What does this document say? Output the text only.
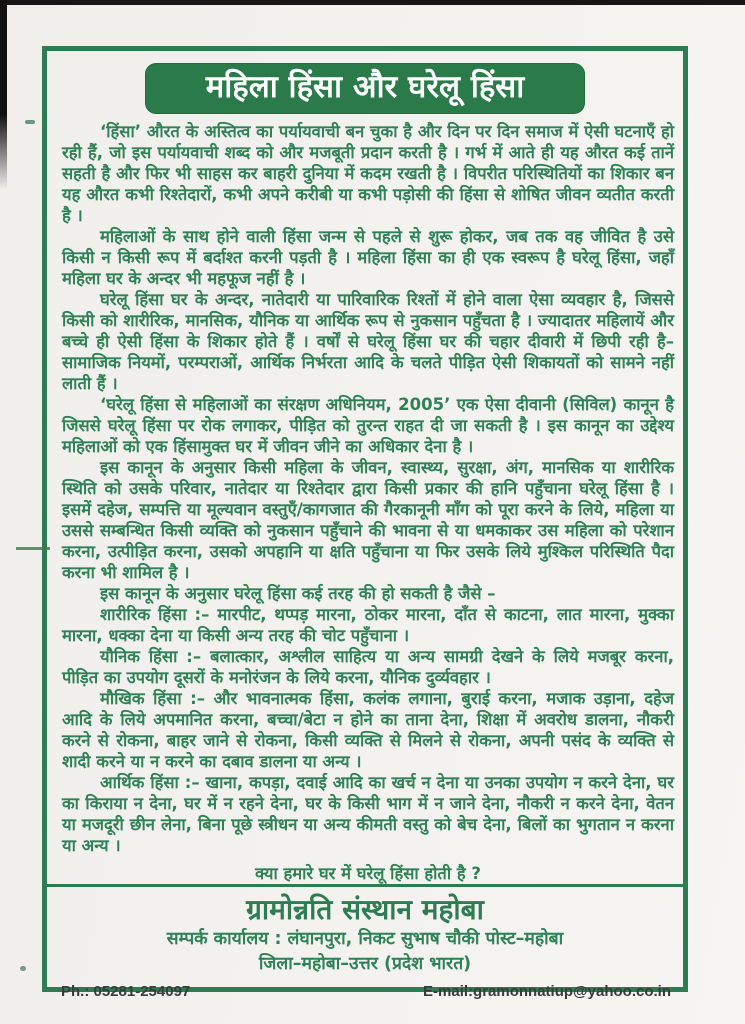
महिला हिंसा और घरेलू हिंसा

‘हिंसा’ औरत के अस्तित्व का पर्यायवाची बन चुका है और दिन पर दिन समाज में ऐसी घटनाएँ हो रही हैं, जो इस पर्यायवाची शब्द को और मजबूती प्रदान करती है । गर्भ में आते ही यह औरत कई तानें सहती है और फिर भी साहस कर बाहरी दुनिया में कदम रखती है । विपरीत परिस्थितियों का शिकार बन यह औरत कभी रिश्तेदारों, कभी अपने करीबी या कभी पड़ोसी की हिंसा से शोषित जीवन व्यतीत करती है ।

महिलाओं के साथ होने वाली हिंसा जन्म से पहले से शुरू होकर, जब तक वह जीवित है उसे किसी न किसी रूप में बर्दाश्त करनी पड़ती है । महिला हिंसा का ही एक स्वरूप है घरेलू हिंसा, जहाँ महिला घर के अन्दर भी महफूज नहीं है ।

घरेलू हिंसा घर के अन्दर, नातेदारी या पारिवारिक रिश्तों में होने वाला ऐसा व्यवहार है, जिससे किसी को शारीरिक, मानसिक, यौनिक या आर्थिक रूप से नुकसान पहुँचता है । ज्यादातर महिलायें और बच्चे ही ऐसी हिंसा के शिकार होते हैं । वर्षों से घरेलू हिंसा घर की चहार दीवारी में छिपी रही है– सामाजिक नियमों, परम्पराओं, आर्थिक निर्भरता आदि के चलते पीड़ित ऐसी शिकायतों को सामने नहीं लाती हैं ।

‘घरेलू हिंसा से महिलाओं का संरक्षण अधिनियम, 2005’ एक ऐसा दीवानी (सिविल) कानून है जिससे घरेलू हिंसा पर रोक लगाकर, पीड़ित को तुरन्त राहत दी जा सकती है । इस कानून का उद्देश्य महिलाओं को एक हिंसामुक्त घर में जीवन जीने का अधिकार देना है ।

इस कानून के अनुसार किसी महिला के जीवन, स्वास्थ्य, सुरक्षा, अंग, मानसिक या शारीरिक स्थिति को उसके परिवार, नातेदार या रिश्तेदार द्वारा किसी प्रकार की हानि पहुँचाना घरेलू हिंसा है । इसमें दहेज, सम्पत्ति या मूल्यवान वस्तुएँ/कागजात की गैरकानूनी माँग को पूरा करने के लिये, महिला या उससे सम्बन्धित किसी व्यक्ति को नुकसान पहुँचाने की भावना से या धमकाकर उस महिला को परेशान करना, उत्पीड़ित करना, उसको अपहानि या क्षति पहुँचाना या फिर उसके लिये मुश्किल परिस्थिति पैदा करना भी शामिल है ।

इस कानून के अनुसार घरेलू हिंसा कई तरह की हो सकती है जैसे –

शारीरिक हिंसा :– मारपीट, थप्पड़ मारना, ठोकर मारना, दाँत से काटना, लात मारना, मुक्का मारना, धक्का देना या किसी अन्य तरह की चोट पहुँचाना ।

यौनिक हिंसा :– बलात्कार, अश्लील साहित्य या अन्य सामग्री देखने के लिये मजबूर करना, पीड़ित का उपयोग दूसरों के मनोरंजन के लिये करना, यौनिक दुर्व्यवहार ।

मौखिक हिंसा :– और भावनात्मक हिंसा, कलंक लगाना, बुराई करना, मजाक उड़ाना, दहेज आदि के लिये अपमानित करना, बच्चा/बेटा न होने का ताना देना, शिक्षा में अवरोध डालना, नौकरी करने से रोकना, बाहर जाने से रोकना, किसी व्यक्ति से मिलने से रोकना, अपनी पसंद के व्यक्ति से शादी करने या न करने का दबाव डालना या अन्य ।

आर्थिक हिंसा :– खाना, कपड़ा, दवाई आदि का खर्च न देना या उनका उपयोग न करने देना, घर का किराया न देना, घर में न रहने देना, घर के किसी भाग में न जाने देना, नौकरी न करने देना, वेतन या मजदूरी छीन लेना, बिना पूछे स्त्रीधन या अन्य कीमती वस्तु को बेच देना, बिलों का भुगतान न करना या अन्य ।

क्या हमारे घर में घरेलू हिंसा होती है ?

ग्रामोन्नति संस्थान महोबा
सम्पर्क कार्यालय : लंघानपुरा, निकट सुभाष चौकी पोस्ट–महोबा
जिला–महोबा–उत्तर (प्रदेश भारत)
Ph.: 05281-254097	E-mail:gramonnatiup@yahoo.co.in
